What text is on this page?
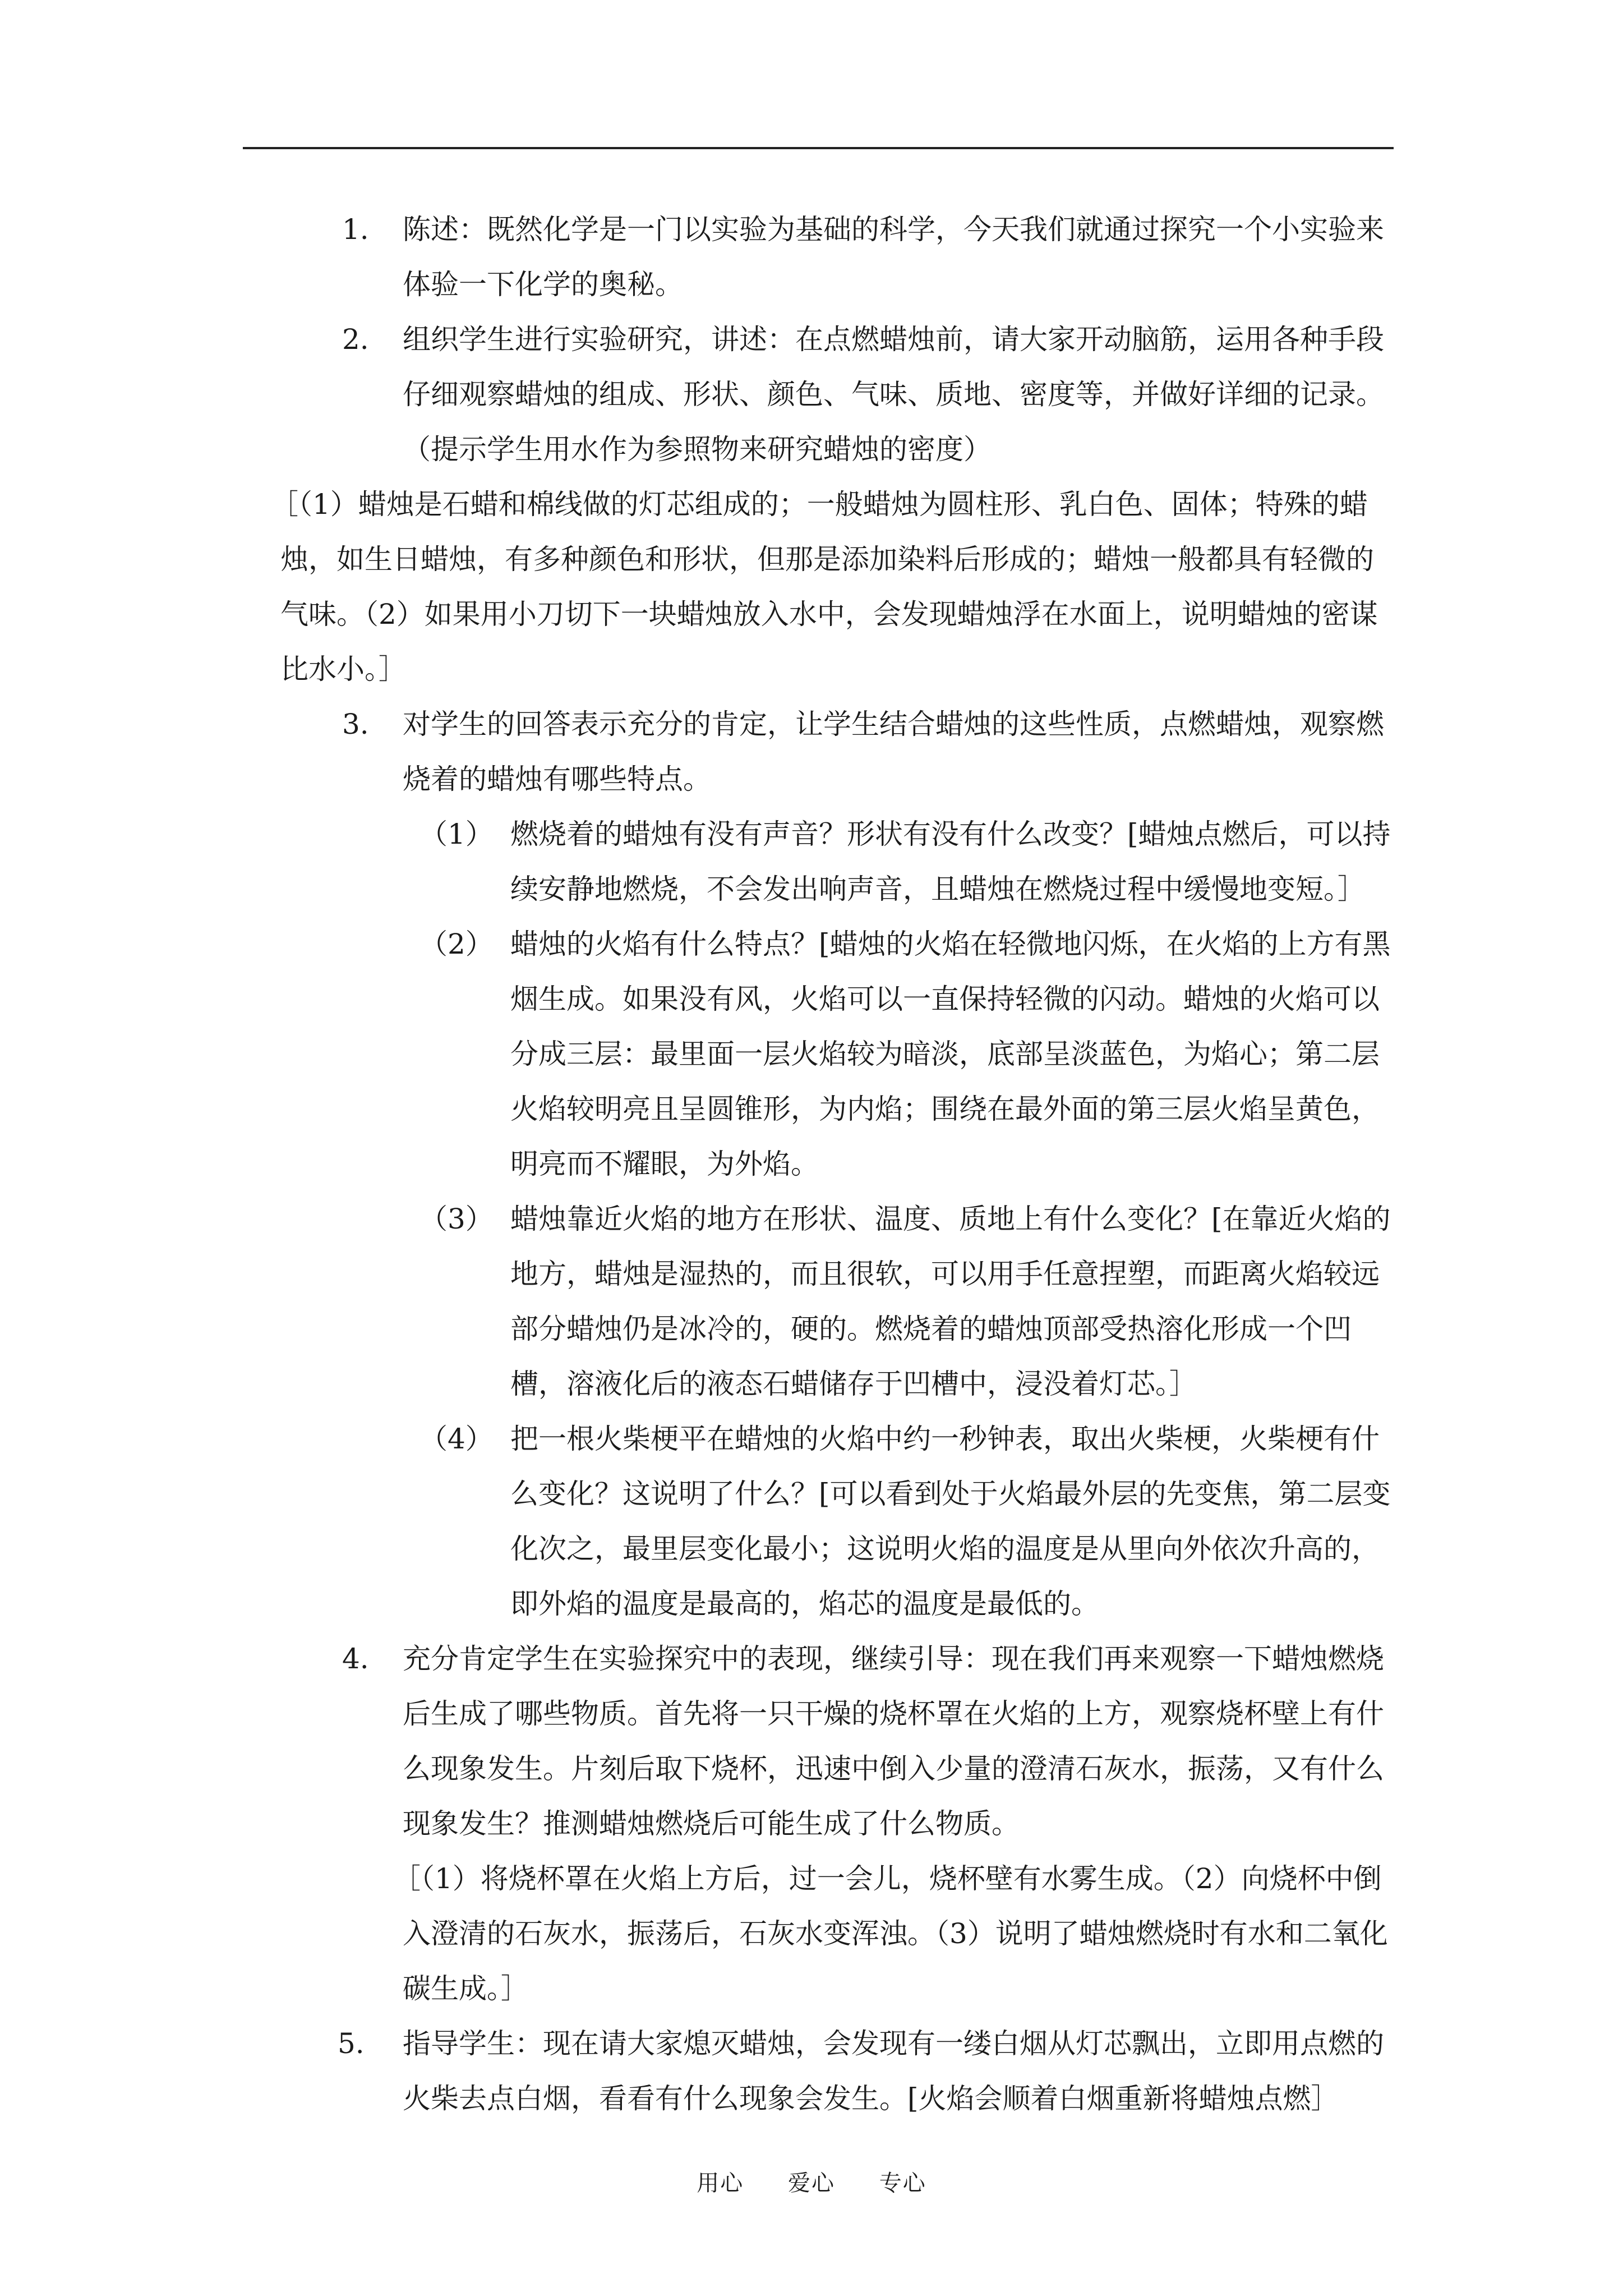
1. 陈述：既然化学是一门以实验为基础的科学，今天我们就通过探究一个小实验来体验一下化学的奥秘。
2. 组织学生进行实验研究，讲述：在点燃蜡烛前，请大家开动脑筋，运用各种手段仔细观察蜡烛的组成、形状、颜色、气味、质地、密度等，并做好详细的记录。（提示学生用水作为参照物来研究蜡烛的密度）
［（1）蜡烛是石蜡和棉线做的灯芯组成的；一般蜡烛为圆柱形、乳白色、固体；特殊的蜡烛，如生日蜡烛，有多种颜色和形状，但那是添加染料后形成的；蜡烛一般都具有轻微的气味。（2）如果用小刀切下一块蜡烛放入水中，会发现蜡烛浮在水面上，说明蜡烛的密谋比水小。］
3. 对学生的回答表示充分的肯定，让学生结合蜡烛的这些性质，点燃蜡烛，观察燃烧着的蜡烛有哪些特点。
（1） 燃烧着的蜡烛有没有声音？形状有没有什么改变？[蜡烛点燃后，可以持续安静地燃烧，不会发出响声音，且蜡烛在燃烧过程中缓慢地变短。］
（2） 蜡烛的火焰有什么特点？[蜡烛的火焰在轻微地闪烁，在火焰的上方有黑烟生成。如果没有风，火焰可以一直保持轻微的闪动。蜡烛的火焰可以分成三层：最里面一层火焰较为暗淡，底部呈淡蓝色，为焰心；第二层火焰较明亮且呈圆锥形，为内焰；围绕在最外面的第三层火焰呈黄色，明亮而不耀眼，为外焰。
（3） 蜡烛靠近火焰的地方在形状、温度、质地上有什么变化？[在靠近火焰的地方，蜡烛是湿热的，而且很软，可以用手任意捏塑，而距离火焰较远部分蜡烛仍是冰冷的，硬的。燃烧着的蜡烛顶部受热溶化形成一个凹槽，溶液化后的液态石蜡储存于凹槽中，浸没着灯芯。］
（4） 把一根火柴梗平在蜡烛的火焰中约一秒钟表，取出火柴梗，火柴梗有什么变化？这说明了什么？[可以看到处于火焰最外层的先变焦，第二层变化次之，最里层变化最小；这说明火焰的温度是从里向外依次升高的，即外焰的温度是最高的，焰芯的温度是最低的。
4. 充分肯定学生在实验探究中的表现，继续引导：现在我们再来观察一下蜡烛燃烧后生成了哪些物质。首先将一只干燥的烧杯罩在火焰的上方，观察烧杯壁上有什么现象发生。片刻后取下烧杯，迅速中倒入少量的澄清石灰水，振荡，又有什么现象发生？推测蜡烛燃烧后可能生成了什么物质。
［（1）将烧杯罩在火焰上方后，过一会儿，烧杯壁有水雾生成。（2）向烧杯中倒入澄清的石灰水，振荡后，石灰水变浑浊。（3）说明了蜡烛燃烧时有水和二氧化碳生成。］
5. 指导学生：现在请大家熄灭蜡烛，会发现有一缕白烟从灯芯飘出，立即用点燃的火柴去点白烟，看看有什么现象会发生。[火焰会顺着白烟重新将蜡烛点燃］
用心 爱心 专心
